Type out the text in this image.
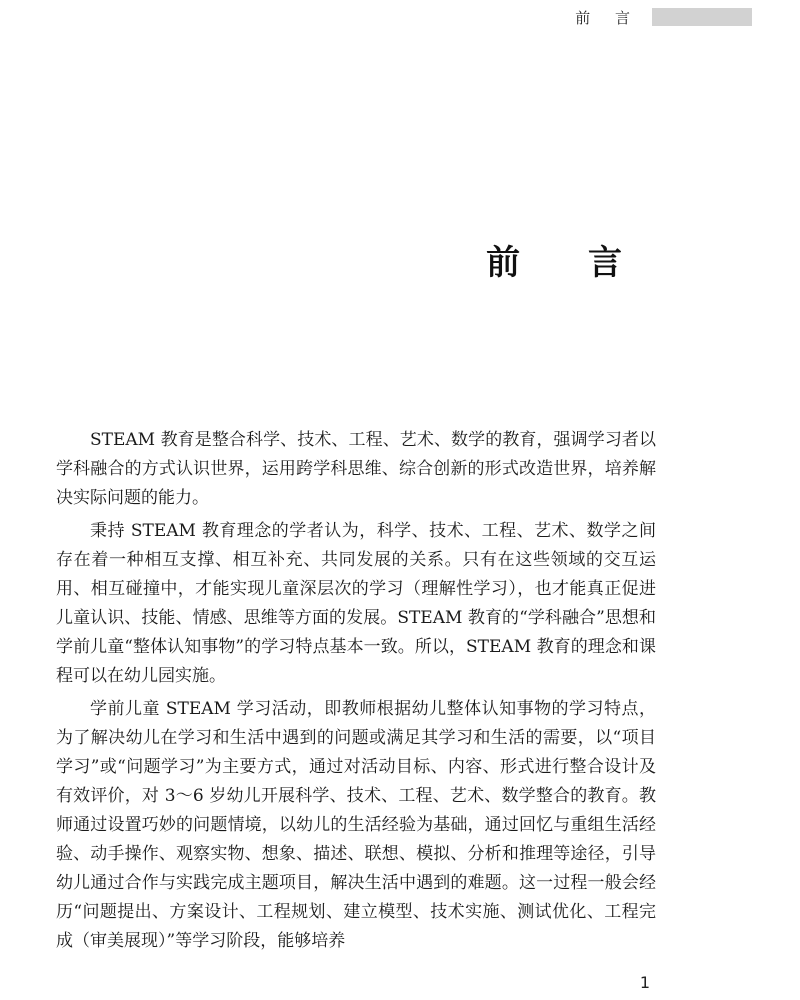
前 言
前 言

STEAM 教育是整合科学、技术、工程、艺术、数学的教育，强调学习者以学科融合的方式认识世界，运用跨学科思维、综合创新的形式改造世界，培养解决实际问题的能力。

秉持 STEAM 教育理念的学者认为，科学、技术、工程、艺术、数学之间存在着一种相互支撑、相互补充、共同发展的关系。只有在这些领域的交互运用、相互碰撞中，才能实现儿童深层次的学习（理解性学习），也才能真正促进儿童认识、技能、情感、思维等方面的发展。STEAM 教育的“学科融合”思想和学前儿童“整体认知事物”的学习特点基本一致。所以，STEAM 教育的理念和课程可以在幼儿园实施。

学前儿童 STEAM 学习活动，即教师根据幼儿整体认知事物的学习特点，为了解决幼儿在学习和生活中遇到的问题或满足其学习和生活的需要，以“项目学习”或“问题学习”为主要方式，通过对活动目标、内容、形式进行整合设计及有效评价，对 3～6 岁幼儿开展科学、技术、工程、艺术、数学整合的教育。教师通过设置巧妙的问题情境，以幼儿的生活经验为基础，通过回忆与重组生活经验、动手操作、观察实物、想象、描述、联想、模拟、分析和推理等途径，引导幼儿通过合作与实践完成主题项目，解决生活中遇到的难题。这一过程一般会经历“问题提出、方案设计、工程规划、建立模型、技术实施、测试优化、工程完成（审美展现）”等学习阶段，能够培养

1
